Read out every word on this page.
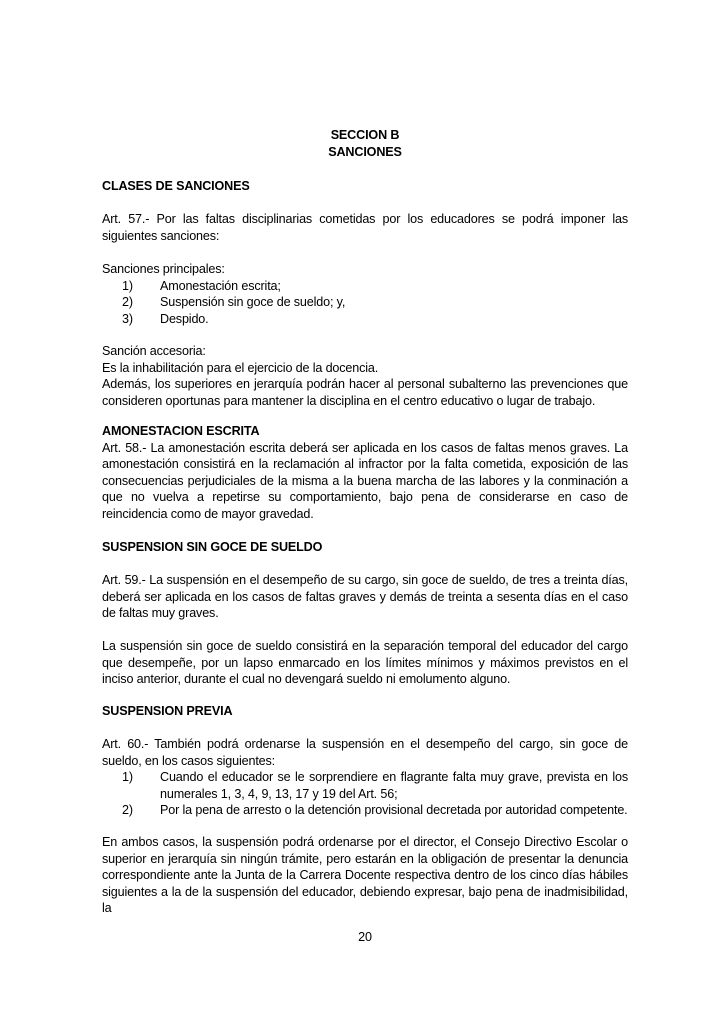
SECCION B
SANCIONES
CLASES DE SANCIONES
Art. 57.- Por las faltas disciplinarias cometidas por los educadores se podrá imponer las siguientes sanciones:
Sanciones principales:
1)	Amonestación escrita;
2)	Suspensión sin goce de sueldo; y,
3)	Despido.
Sanción accesoria:
Es la inhabilitación para el ejercicio de la docencia.
Además, los superiores en jerarquía podrán hacer al personal subalterno las prevenciones que consideren oportunas para mantener la disciplina en el centro educativo o lugar de trabajo.
AMONESTACION ESCRITA
Art. 58.- La amonestación escrita deberá ser aplicada en los casos de faltas menos graves. La amonestación consistirá en la reclamación al infractor por la falta cometida, exposición de las consecuencias perjudiciales de la misma a la buena marcha de las labores y la conminación a que no vuelva a repetirse su comportamiento, bajo pena de considerarse en caso de reincidencia como de mayor gravedad.
SUSPENSION SIN GOCE DE SUELDO
Art. 59.- La suspensión en el desempeño de su cargo, sin goce de sueldo, de tres a treinta días, deberá ser aplicada en los casos de faltas graves y demás de treinta a sesenta días en el caso de faltas muy graves.
La suspensión sin goce de sueldo consistirá en la separación temporal del educador del cargo que desempeñe, por un lapso enmarcado en los límites mínimos y máximos previstos en el inciso anterior, durante el cual no devengará sueldo ni emolumento alguno.
SUSPENSION PREVIA
Art. 60.- También podrá ordenarse la suspensión en el desempeño del cargo, sin goce de sueldo, en los casos siguientes:
1)	Cuando el educador se le sorprendiere en flagrante falta muy grave, prevista en los numerales 1, 3, 4, 9, 13, 17 y 19 del Art. 56;
2)	Por la pena de arresto o la detención provisional decretada por autoridad competente.
En ambos casos, la suspensión podrá ordenarse por el director, el Consejo Directivo Escolar o superior en jerarquía sin ningún trámite, pero estarán en la obligación de presentar la denuncia correspondiente ante la Junta de la Carrera Docente respectiva dentro de los cinco días hábiles siguientes a la de la suspensión del educador, debiendo expresar, bajo pena de inadmisibilidad, la
20
